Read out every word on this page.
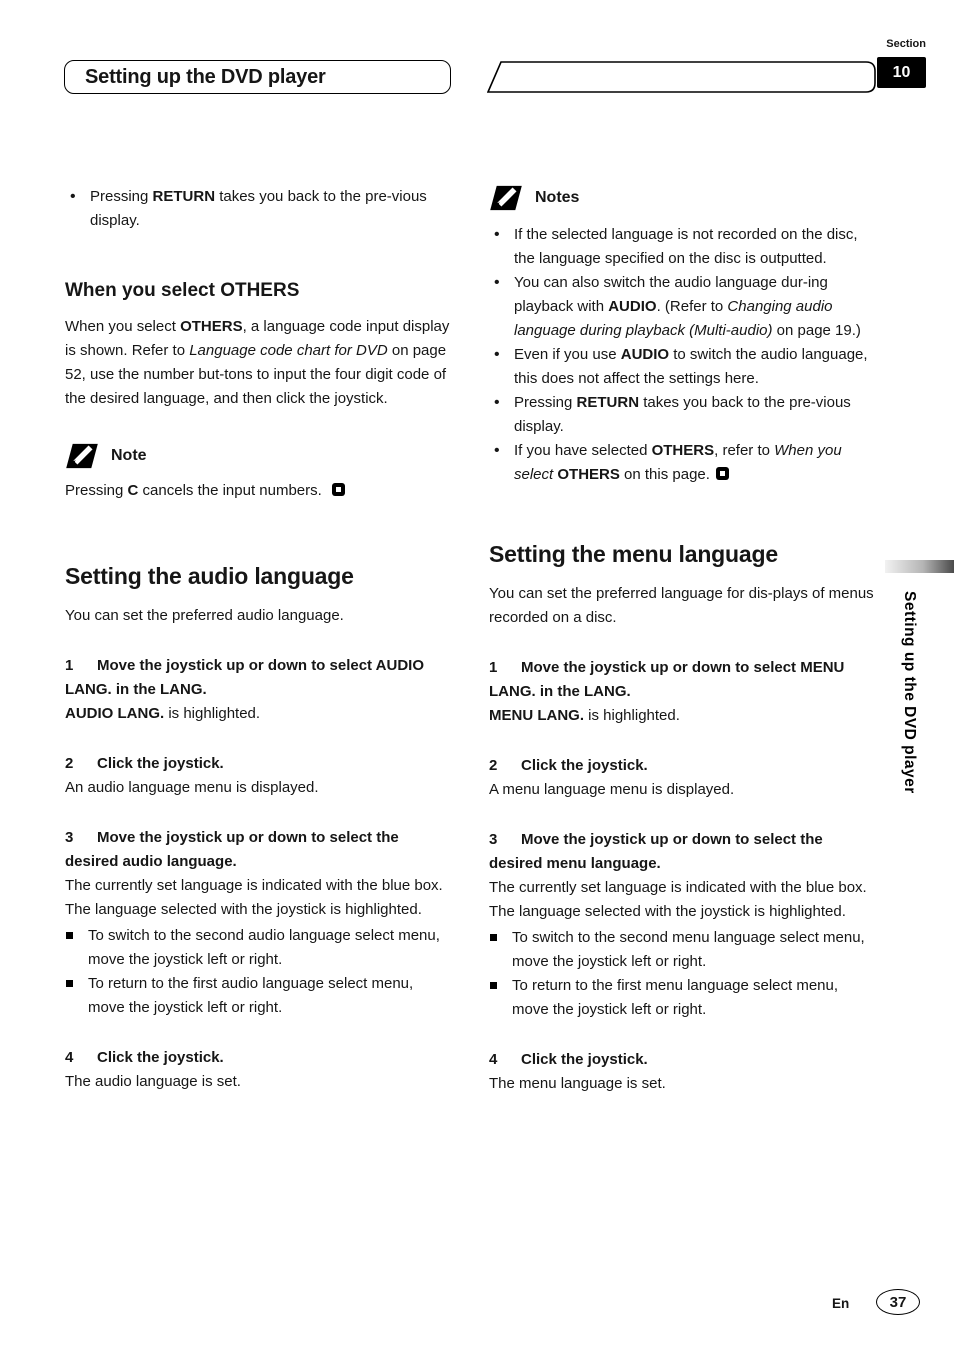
Setting up the DVD player
Section
10
Setting up the DVD player
• Pressing RETURN takes you back to the pre-vious display.
When you select OTHERS

When you select OTHERS, a language code input display is shown. Refer to Language code chart for DVD on page 52, use the number but-tons to input the four digit code of the desired language, and then click the joystick.

Note

Pressing C cancels the input numbers.

Setting the audio language

You can set the preferred audio language.

1 Move the joystick up or down to select AUDIO LANG. in the LANG.

AUDIO LANG. is highlighted.

2 Click the joystick.

An audio language menu is displayed.

3 Move the joystick up or down to select the desired audio language.

The currently set language is indicated with the blue box. The language selected with the joystick is highlighted.

To switch to the second audio language select menu, move the joystick left or right.
To return to the first audio language select menu, move the joystick left or right.

4 Click the joystick.

The audio language is set.

Notes
• If the selected language is not recorded on the disc, the language specified on the disc is outputted.
• You can also switch the audio language dur-ing playback with AUDIO. (Refer to Changing audio language during playback (Multi-audio) on page 19.)
• Even if you use AUDIO to switch the audio language, this does not affect the settings here.
• Pressing RETURN takes you back to the pre-vious display.
• If you have selected OTHERS, refer to When you select OTHERS on this page.
Setting the menu language

You can set the preferred language for dis-plays of menus recorded on a disc.

1 Move the joystick up or down to select MENU LANG. in the LANG.

MENU LANG. is highlighted.

2 Click the joystick.

A menu language menu is displayed.

3 Move the joystick up or down to select the desired menu language.

The currently set language is indicated with the blue box. The language selected with the joystick is highlighted.

To switch to the second menu language select menu, move the joystick left or right.
To return to the first menu language select menu, move the joystick left or right.

4 Click the joystick.

The menu language is set.

En	37
